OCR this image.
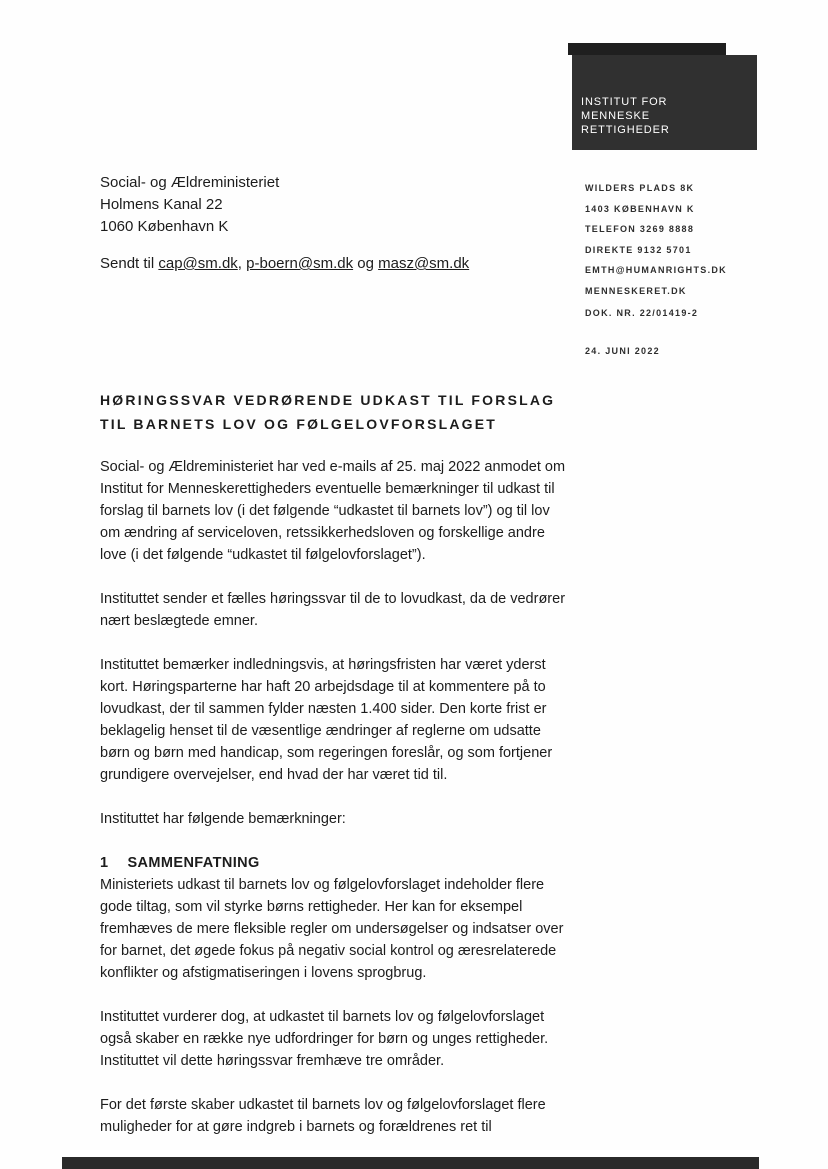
INSTITUT FOR
MENNESKE
RETTIGHEDER
Social- og Ældreministeriet
Holmens Kanal 22
1060 København K
Sendt til cap@sm.dk, p-boern@sm.dk og masz@sm.dk
WILDERS PLADS 8K
1403 KØBENHAVN K
TELEFON 3269 8888
DIREKTE 9132 5701
EMTH@HUMANRIGHTS.DK
MENNESKERET.DK
DOK. NR. 22/01419-2
24. JUNI 2022
HØRINGSSVAR VEDRØRENDE UDKAST TIL FORSLAG
TIL BARNETS LOV OG FØLGELOVFORSLAGET

Social- og Ældreministeriet har ved e-mails af 25. maj 2022 anmodet om Institut for Menneskerettigheders eventuelle bemærkninger til udkast til forslag til barnets lov (i det følgende “udkastet til barnets lov”) og til lov om ændring af serviceloven, retssikkerhedsloven og forskellige andre love (i det følgende “udkastet til følgelovforslaget”).

Instituttet sender et fælles høringssvar til de to lovudkast, da de vedrører nært beslægtede emner.

Instituttet bemærker indledningsvis, at høringsfristen har været yderst kort. Høringsparterne har haft 20 arbejdsdage til at kommentere på to lovudkast, der til sammen fylder næsten 1.400 sider. Den korte frist er beklagelig henset til de væsentlige ændringer af reglerne om udsatte børn og børn med handicap, som regeringen foreslår, og som fortjener grundigere overvejelser, end hvad der har været tid til.

Instituttet har følgende bemærkninger:

1 SAMMENFATNING

Ministeriets udkast til barnets lov og følgelovforslaget indeholder flere gode tiltag, som vil styrke børns rettigheder. Her kan for eksempel fremhæves de mere fleksible regler om undersøgelser og indsatser over for barnet, det øgede fokus på negativ social kontrol og æresrelaterede konflikter og afstigmatiseringen i lovens sprogbrug.

Instituttet vurderer dog, at udkastet til barnets lov og følgelovforslaget også skaber en række nye udfordringer for børn og unges rettigheder. Instituttet vil dette høringssvar fremhæve tre områder.

For det første skaber udkastet til barnets lov og følgelovforslaget flere muligheder for at gøre indgreb i barnets og forældrenes ret til
